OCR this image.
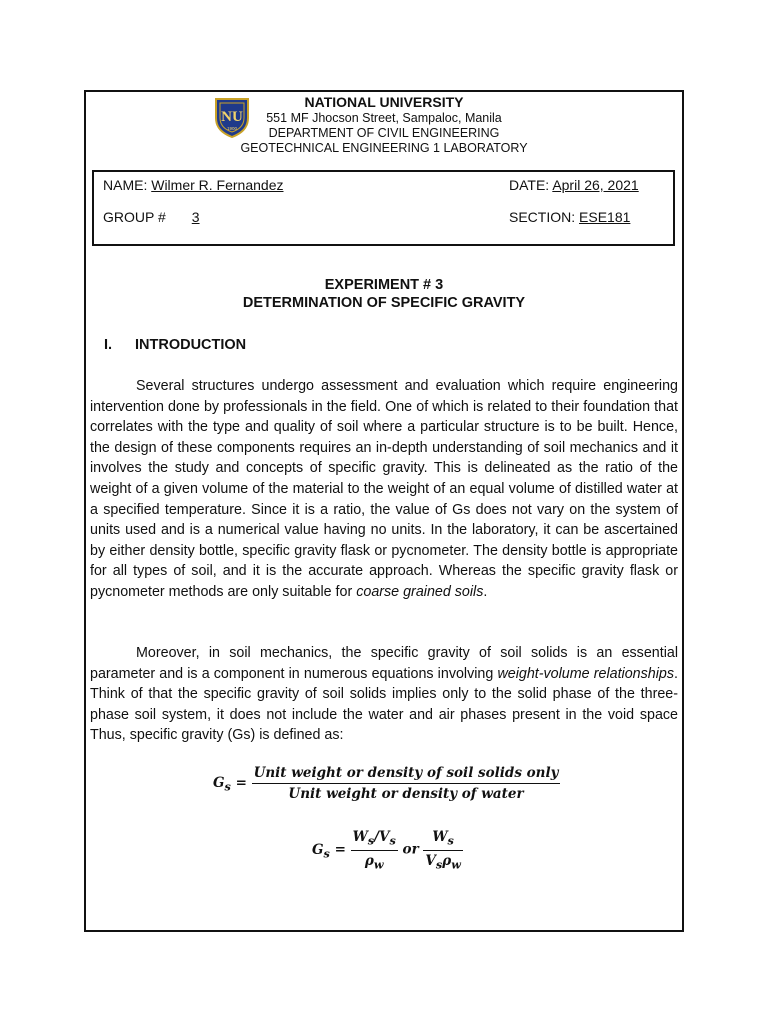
NU
1900
NATIONAL UNIVERSITY
551 MF Jhocson Street, Sampaloc, Manila
DEPARTMENT OF CIVIL ENGINEERING
GEOTECHNICAL ENGINEERING 1 LABORATORY
NAME: Wilmer R. Fernandez	DATE: April 26, 2021
GROUP # 3	SECTION: ESE181
EXPERIMENT # 3
DETERMINATION OF SPECIFIC GRAVITY
I. INTRODUCTION
Several structures undergo assessment and evaluation which require engineering intervention done by professionals in the field. One of which is related to their foundation that correlates with the type and quality of soil where a particular structure is to be built. Hence, the design of these components requires an in-depth understanding of soil mechanics and it involves the study and concepts of specific gravity. This is delineated as the ratio of the weight of a given volume of the material to the weight of an equal volume of distilled water at a specified temperature. Since it is a ratio, the value of Gs does not vary on the system of units used and is a numerical value having no units. In the laboratory, it can be ascertained by either density bottle, specific gravity flask or pycnometer. The density bottle is appropriate for all types of soil, and it is the accurate approach. Whereas the specific gravity flask or pycnometer methods are only suitable for coarse grained soils.
Moreover, in soil mechanics, the specific gravity of soil solids is an essential parameter and is a component in numerous equations involving weight-volume relationships. Think of that the specific gravity of soil solids implies only to the solid phase of the three-phase soil system, it does not include the water and air phases present in the void space Thus, specific gravity (Gs) is defined as:
$G_s = \frac{\text{Unit weight or density of soil solids only}}{\text{Unit weight or density of water}}$
$G_s = \frac{W_s/V_s}{\rho_w}$ or $\frac{W_s}{V_s\rho_w}$
